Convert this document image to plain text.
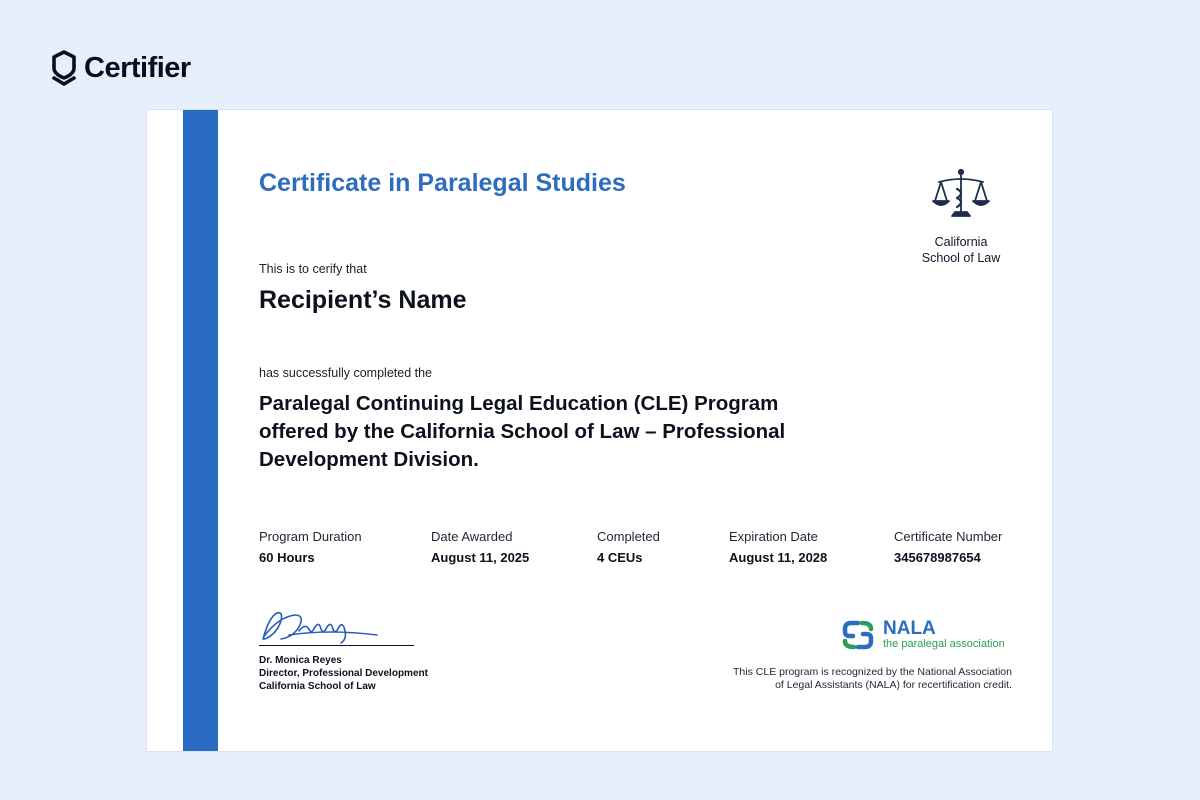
Certifier
Certificate in Paralegal Studies
California
School of Law
This is to cerify that
Recipient’s Name
has successfully completed the
Paralegal Continuing Legal Education (CLE) Program
offered by the California School of Law – Professional
Development Division.
Program Duration
60 Hours
Date Awarded
August 11, 2025
Completed
4 CEUs
Expiration Date
August 11, 2028
Certificate Number
345678987654
Dr. Monica Reyes
Director, Professional Development
California School of Law
NALA
the paralegal association
This CLE program is recognized by the National Association
of Legal Assistants (NALA) for recertification credit.
